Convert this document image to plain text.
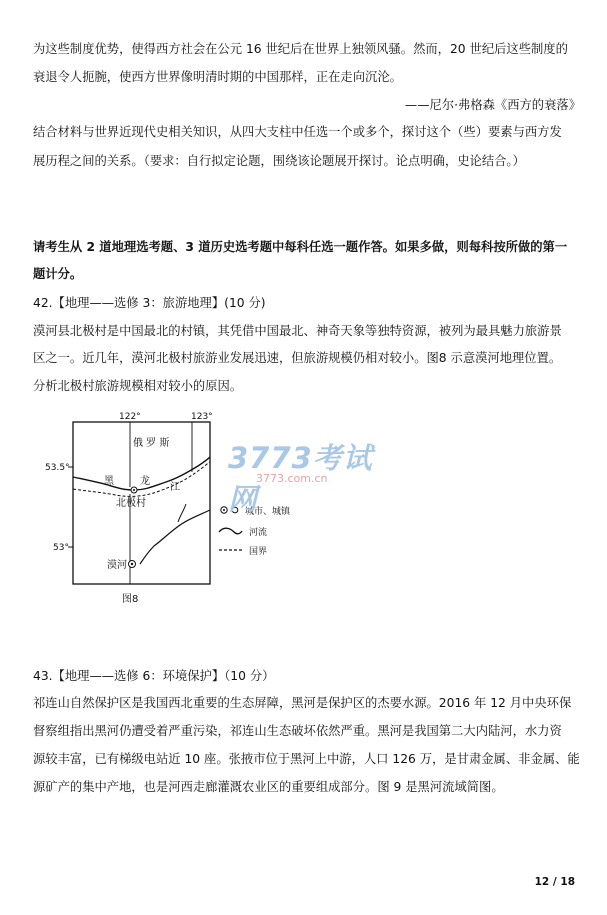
为这些制度优势，使得西方社会在公元 16 世纪后在世界上独领风骚。然而，20 世纪后这些制度的
衰退令人扼腕，使西方世界像明清时期的中国那样，正在走向沉沦。
——尼尔·弗格森《西方的衰落》
结合材料与世界近现代史相关知识，从四大支柱中任选一个或多个，探讨这个（些）要素与西方发
展历程之间的关系。（要求：自行拟定论题，围绕该论题展开探讨。论点明确，史论结合。）
请考生从 2 道地理选考题、3 道历史选考题中每科任选一题作答。如果多做，则每科按所做的第一
题计分。
42.【地理——选修 3：旅游地理】(10 分)
漠河县北极村是中国最北的村镇，其凭借中国最北、神奇天象等独特资源，被列为最具魅力旅游景
区之一。近几年，漠河北极村旅游业发展迅速，但旅游规模仍相对较小。图8 示意漠河地理位置。
分析北极村旅游规模相对较小的原因。
122°	123°
53.5°
53°
俄 罗 斯
黑	龙
江
北极村
漠河
城市、城镇
河流
国界
图8
3773考试网
3773.com.cn
43.【地理——选修 6：环境保护】（10 分）
祁连山自然保护区是我国西北重要的生态屏障，黑河是保护区的杰要水源。2016 年 12 月中央环保
督察组指出黑河仍遭受着严重污染，祁连山生态破坏依然严重。黑河是我国第二大内陆河，水力资
源较丰富，已有梯级电站近 10 座。张掖市位于黑河上中游，人口 126 万，是甘肃金属、非金属、能
源矿产的集中产地，也是河西走廊灌溉农业区的重要组成部分。图 9 是黑河流域简图。
12 / 18
